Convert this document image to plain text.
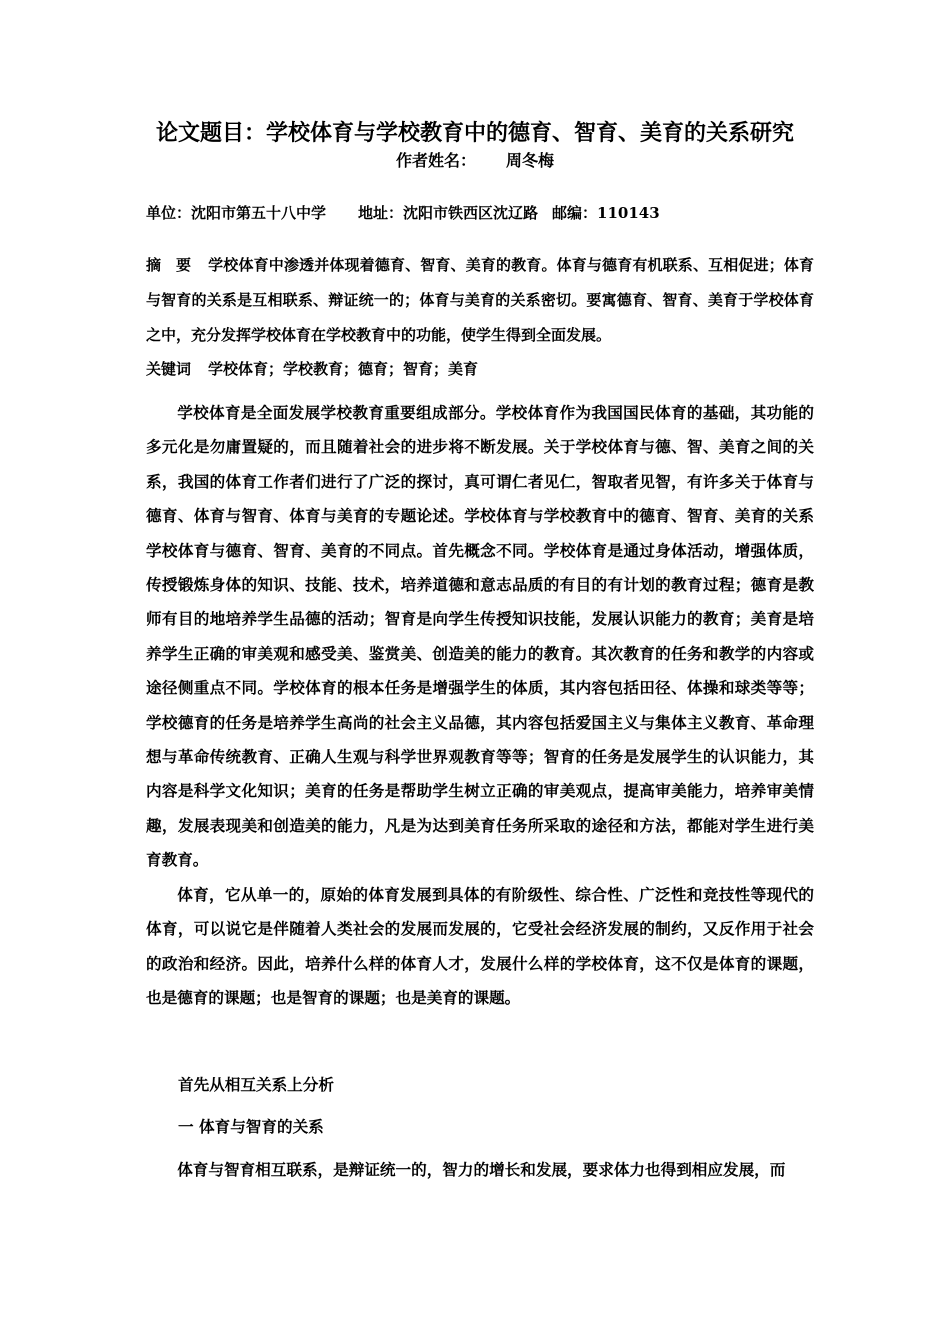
论文题目：学校体育与学校教育中的德育、智育、美育的关系研究
作者姓名： 周冬梅
单位：沈阳市第五十八中学 地址：沈阳市铁西区沈辽路 邮编：110143
摘　要 学校体育中渗透并体现着德育、智育、美育的教育。体育与德育有机联系、互相促进；体育与智育的关系是互相联系、辩证统一的；体育与美育的关系密切。要寓德育、智育、美育于学校体育之中，充分发挥学校体育在学校教育中的功能，使学生得到全面发展。
关键词 学校体育；学校教育；德育；智育；美育

学校体育是全面发展学校教育重要组成部分。学校体育作为我国国民体育的基础，其功能的多元化是勿庸置疑的，而且随着社会的进步将不断发展。关于学校体育与德、智、美育之间的关系，我国的体育工作者们进行了广泛的探讨，真可谓仁者见仁，智取者见智，有许多关于体育与德育、体育与智育、体育与美育的专题论述。学校体育与学校教育中的德育、智育、美育的关系学校体育与德育、智育、美育的不同点。首先概念不同。学校体育是通过身体活动，增强体质，传授锻炼身体的知识、技能、技术，培养道德和意志品质的有目的有计划的教育过程；德育是教师有目的地培养学生品德的活动；智育是向学生传授知识技能，发展认识能力的教育；美育是培养学生正确的审美观和感受美、鉴赏美、创造美的能力的教育。其次教育的任务和教学的内容或途径侧重点不同。学校体育的根本任务是增强学生的体质，其内容包括田径、体操和球类等等；学校德育的任务是培养学生高尚的社会主义品德，其内容包括爱国主义与集体主义教育、革命理想与革命传统教育、正确人生观与科学世界观教育等等；智育的任务是发展学生的认识能力，其内容是科学文化知识；美育的任务是帮助学生树立正确的审美观点，提高审美能力，培养审美情趣，发展表现美和创造美的能力，凡是为达到美育任务所采取的途径和方法，都能对学生进行美育教育。

体育，它从单一的，原始的体育发展到具体的有阶级性、综合性、广泛性和竞技性等现代的体育，可以说它是伴随着人类社会的发展而发展的，它受社会经济发展的制约，又反作用于社会的政治和经济。因此，培养什么样的体育人才，发展什么样的学校体育，这不仅是体育的课题，也是德育的课题；也是智育的课题；也是美育的课题。

首先从相互关系上分析
一 体育与智育的关系
体育与智育相互联系，是辩证统一的，智力的增长和发展，要求体力也得到相应发展，而
